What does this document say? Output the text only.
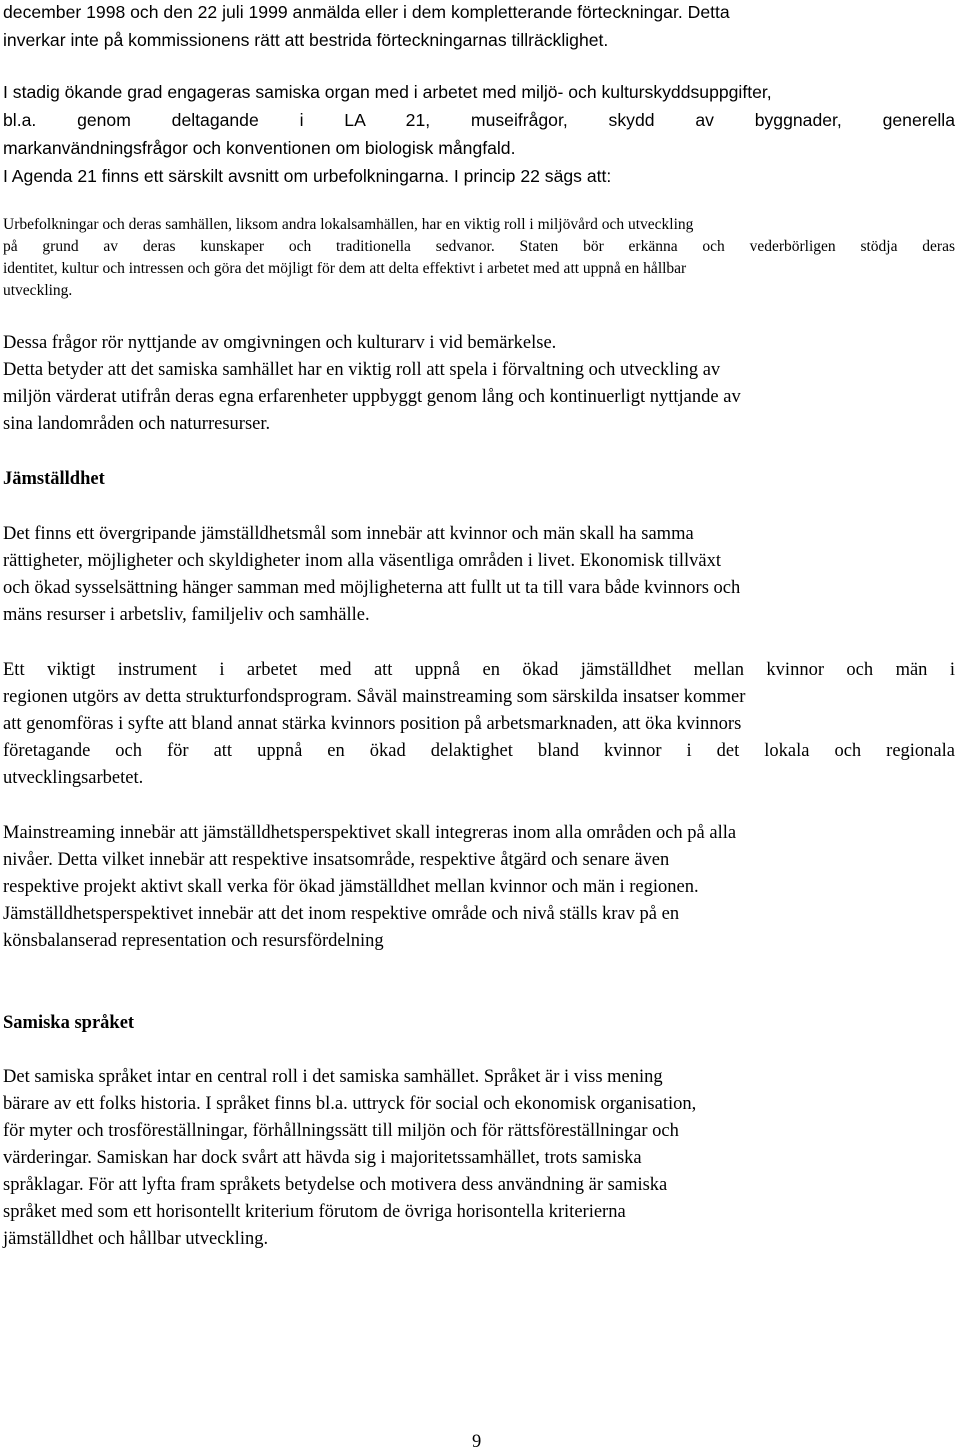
december 1998 och den 22 juli 1999 anmälda eller i dem kompletterande förteckningar. Detta

inverkar inte på kommissionens rätt att bestrida förteckningarnas tillräcklighet.

I stadig ökande grad engageras samiska organ med i arbetet med miljö- och kulturskyddsuppgifter,

bl.a. genom deltagande i LA 21, museifrågor, skydd av byggnader, generella

markanvändningsfrågor och konventionen om biologisk mångfald.

I Agenda 21 finns ett särskilt avsnitt om urbefolkningarna. I princip 22 sägs att:

Urbefolkningar och deras samhällen, liksom andra lokalsamhällen, har en viktig roll i miljövård och utveckling

på grund av deras kunskaper och traditionella sedvanor. Staten bör erkänna och vederbörligen stödja deras

identitet, kultur och intressen och göra det möjligt för dem att delta effektivt i arbetet med att uppnå en hållbar

utveckling.

Dessa frågor rör nyttjande av omgivningen och kulturarv i vid bemärkelse.

Detta betyder att det samiska samhället har en viktig roll att spela i förvaltning och utveckling av

miljön värderat utifrån deras egna erfarenheter uppbyggt genom lång och kontinuerligt nyttjande av

sina landområden och naturresurser.

Jämställdhet

Det finns ett övergripande jämställdhetsmål som innebär att kvinnor och män skall ha samma

rättigheter, möjligheter och skyldigheter inom alla väsentliga områden i livet. Ekonomisk tillväxt

och ökad sysselsättning hänger samman med möjligheterna att fullt ut ta till vara både kvinnors och

mäns resurser i arbetsliv, familjeliv och samhälle.

Ett viktigt instrument i arbetet med att uppnå en ökad jämställdhet mellan kvinnor och män i

regionen utgörs av detta strukturfondsprogram. Såväl mainstreaming som särskilda insatser kommer

att genomföras i syfte att bland annat stärka kvinnors position på arbetsmarknaden, att öka kvinnors

företagande och för att uppnå en ökad delaktighet bland kvinnor i det lokala och regionala

utvecklingsarbetet.

Mainstreaming innebär att jämställdhetsperspektivet skall integreras inom alla områden och på alla

nivåer. Detta vilket innebär att respektive insatsområde, respektive åtgärd och senare även

respektive projekt aktivt skall verka för ökad jämställdhet mellan kvinnor och män i regionen.

Jämställdhetsperspektivet innebär att det inom respektive område och nivå ställs krav på en

könsbalanserad representation och resursfördelning

Samiska språket

Det samiska språket intar en central roll i det samiska samhället. Språket är i viss mening

bärare av ett folks historia. I språket finns bl.a. uttryck för social och ekonomisk organisation,

för myter och trosföreställningar, förhållningssätt till miljön och för rättsföreställningar och

värderingar. Samiskan har dock svårt att hävda sig i majoritetssamhället, trots samiska

språklagar. För att lyfta fram språkets betydelse och motivera dess användning är samiska

språket med som ett horisontellt kriterium förutom de övriga horisontella kriterierna

jämställdhet och hållbar utveckling.

9
